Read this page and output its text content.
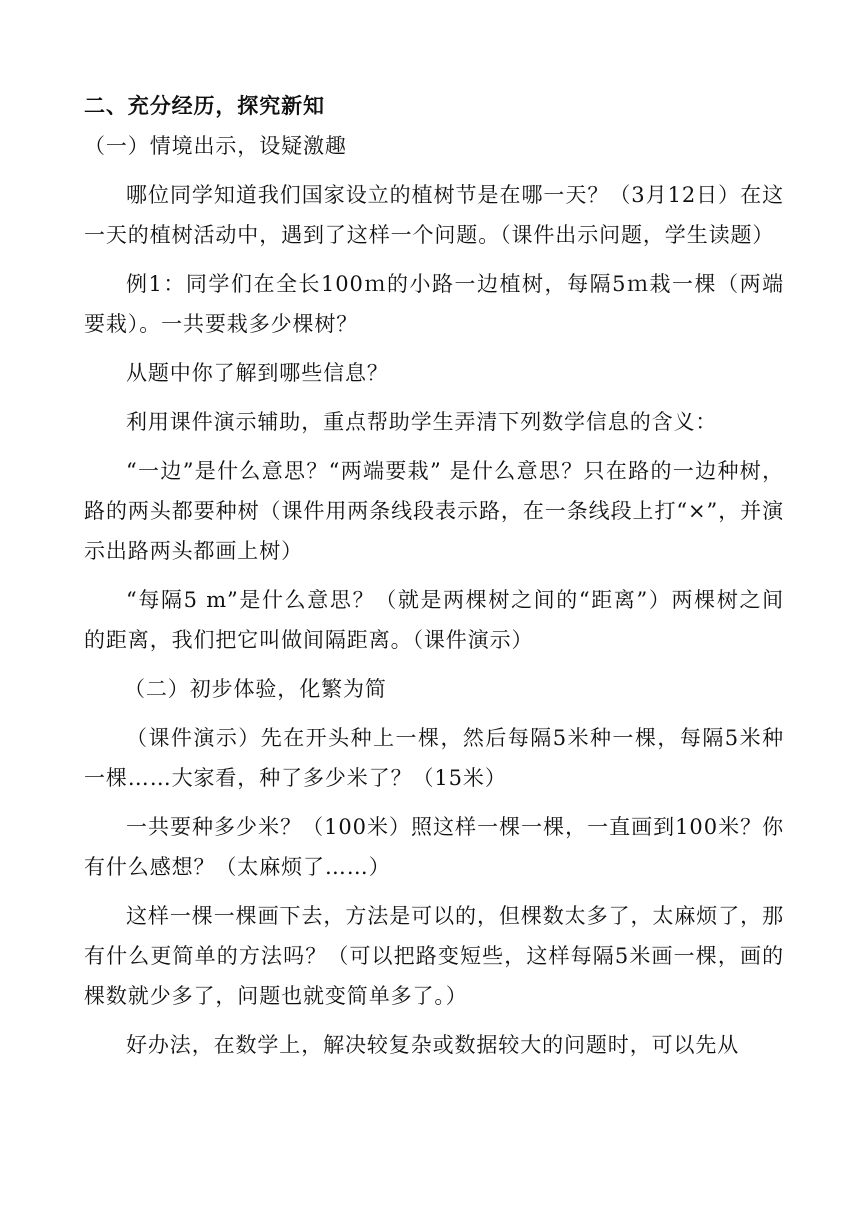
二、充分经历，探究新知
（一）情境出示，设疑激趣
哪位同学知道我们国家设立的植树节是在哪一天？（3月12日）在这一天的植树活动中，遇到了这样一个问题。（课件出示问题，学生读题）
例1：同学们在全长100ｍ的小路一边植树，每隔5ｍ栽一棵（两端要栽）。一共要栽多少棵树？
从题中你了解到哪些信息？
利用课件演示辅助，重点帮助学生弄清下列数学信息的含义：
“一边”是什么意思？“两端要栽” 是什么意思？只在路的一边种树，路的两头都要种树（课件用两条线段表示路，在一条线段上打“×”，并演示出路两头都画上树）
“每隔5 m”是什么意思？（就是两棵树之间的“距离”）两棵树之间的距离，我们把它叫做间隔距离。（课件演示）
（二）初步体验，化繁为简
（课件演示）先在开头种上一棵，然后每隔5米种一棵，每隔5米种一棵……大家看，种了多少米了？（15米）
一共要种多少米？（100米）照这样一棵一棵，一直画到100米？你有什么感想？（太麻烦了……）
这样一棵一棵画下去，方法是可以的，但棵数太多了，太麻烦了，那有什么更简单的方法吗？（可以把路变短些，这样每隔5米画一棵，画的棵数就少多了，问题也就变简单多了。）
好办法，在数学上，解决较复杂或数据较大的问题时，可以先从
